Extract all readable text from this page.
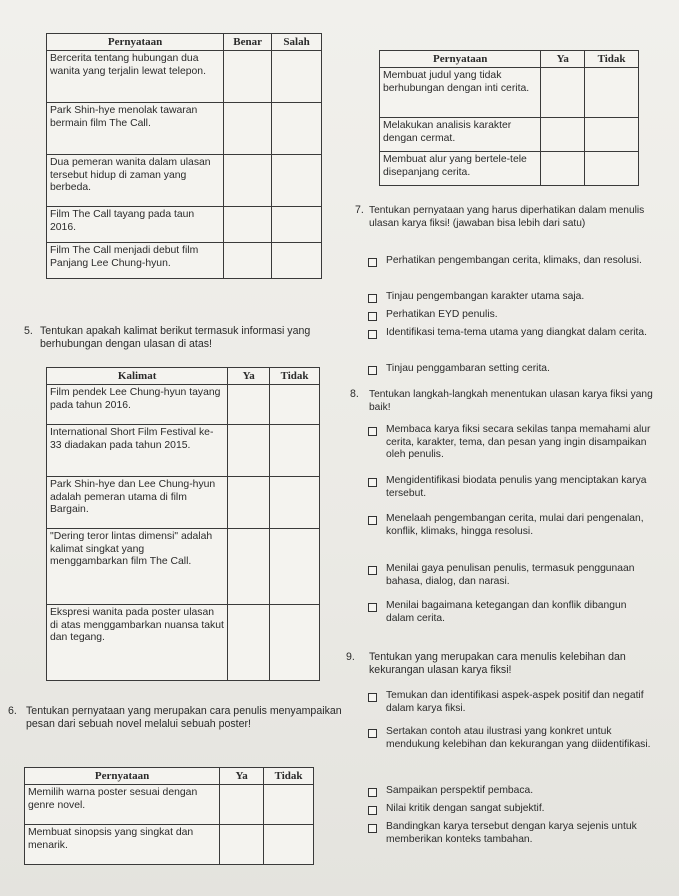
Pernyataan	Benar	Salah
Bercerita tentang hubungan dua wanita yang terjalin lewat telepon.		
Park Shin-hye menolak tawaran bermain film The Call.		
Dua pemeran wanita dalam ulasan tersebut hidup di zaman yang berbeda.		
Film The Call tayang pada taun 2016.		
Film The Call menjadi debut film Panjang Lee Chung-hyun.		
Pernyataan	Ya	Tidak
Membuat judul yang tidak berhubungan dengan inti cerita.		
Melakukan analisis karakter dengan cermat.		
Membuat alur yang bertele-tele disepanjang cerita.		
5. Tentukan apakah kalimat berikut termasuk informasi yang berhubungan dengan ulasan di atas!
Kalimat	Ya	Tidak
Film pendek Lee Chung-hyun tayang pada tahun 2016.		
International Short Film Festival ke-33 diadakan pada tahun 2015.		
Park Shin-hye dan Lee Chung-hyun adalah pemeran utama di film Bargain.		
"Dering teror lintas dimensi" adalah kalimat singkat yang menggambarkan film The Call.		
Ekspresi wanita pada poster ulasan di atas menggambarkan nuansa takut dan tegang.		
6. Tentukan pernyataan yang merupakan cara penulis menyampaikan pesan dari sebuah novel melalui sebuah poster!
Pernyataan	Ya	Tidak
Memilih warna poster sesuai dengan genre novel.		
Membuat sinopsis yang singkat dan menarik.		
7. Tentukan pernyataan yang harus diperhatikan dalam menulis ulasan karya fiksi! (jawaban bisa lebih dari satu)
Perhatikan pengembangan cerita, klimaks, dan resolusi.
Tinjau pengembangan karakter utama saja.
Perhatikan EYD penulis.
Identifikasi tema-tema utama yang diangkat dalam cerita.
Tinjau penggambaran setting cerita.
8. Tentukan langkah-langkah menentukan ulasan karya fiksi yang baik!
Membaca karya fiksi secara sekilas tanpa memahami alur cerita, karakter, tema, dan pesan yang ingin disampaikan oleh penulis.
Mengidentifikasi biodata penulis yang menciptakan karya tersebut.
Menelaah pengembangan cerita, mulai dari pengenalan, konflik, klimaks, hingga resolusi.
Menilai gaya penulisan penulis, termasuk penggunaan bahasa, dialog, dan narasi.
Menilai bagaimana ketegangan dan konflik dibangun dalam cerita.
9. Tentukan yang merupakan cara menulis kelebihan dan kekurangan ulasan karya fiksi!
Temukan dan identifikasi aspek-aspek positif dan negatif dalam karya fiksi.
Sertakan contoh atau ilustrasi yang konkret untuk mendukung kelebihan dan kekurangan yang diidentifikasi.
Sampaikan perspektif pembaca.
Nilai kritik dengan sangat subjektif.
Bandingkan karya tersebut dengan karya sejenis untuk memberikan konteks tambahan.
